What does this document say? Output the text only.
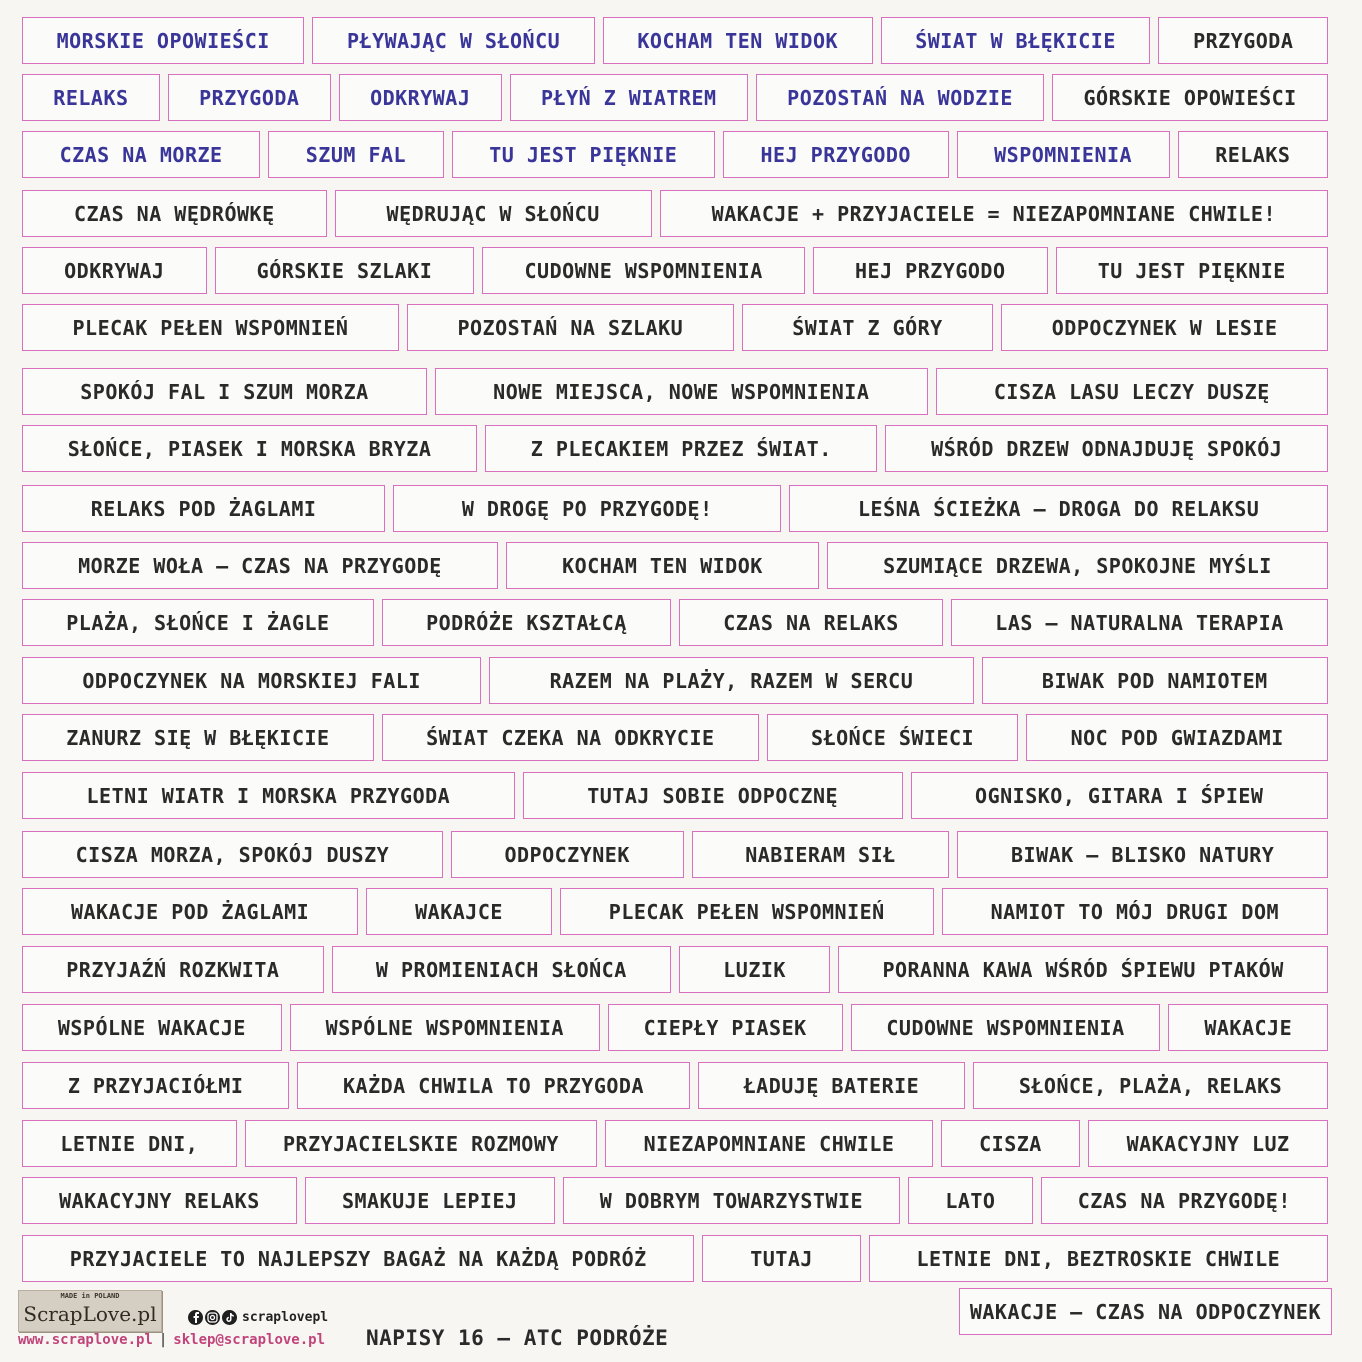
MORSKIE OPOWIEŚCI	PŁYWAJĄC W SŁOŃCU	KOCHAM TEN WIDOK	ŚWIAT W BŁĘKICIE	PRZYGODA
RELAKS	PRZYGODA	ODKRYWAJ	PŁYŃ Z WIATREM	POZOSTAŃ NA WODZIE	GÓRSKIE OPOWIEŚCI
CZAS NA MORZE	SZUM FAL	TU JEST PIĘKNIE	HEJ PRZYGODO	WSPOMNIENIA	RELAKS
CZAS NA WĘDRÓWKĘ	WĘDRUJĄC W SŁOŃCU	WAKACJE + PRZYJACIELE = NIEZAPOMNIANE CHWILE!
ODKRYWAJ	GÓRSKIE SZLAKI	CUDOWNE WSPOMNIENIA	HEJ PRZYGODO	TU JEST PIĘKNIE
PLECAK PEŁEN WSPOMNIEŃ	POZOSTAŃ NA SZLAKU	ŚWIAT Z GÓRY	ODPOCZYNEK W LESIE
SPOKÓJ FAL I SZUM MORZA	NOWE MIEJSCA, NOWE WSPOMNIENIA	CISZA LASU LECZY DUSZĘ
SŁOŃCE, PIASEK I MORSKA BRYZA	Z PLECAKIEM PRZEZ ŚWIAT.	WŚRÓD DRZEW ODNAJDUJĘ SPOKÓJ
RELAKS POD ŻAGLAMI	W DROGĘ PO PRZYGODĘ!	LEŚNA ŚCIEŻKA – DROGA DO RELAKSU
MORZE WOŁA – CZAS NA PRZYGODĘ	KOCHAM TEN WIDOK	SZUMIĄCE DRZEWA, SPOKOJNE MYŚLI
PLAŻA, SŁOŃCE I ŻAGLE	PODRÓŻE KSZTAŁCĄ	CZAS NA RELAKS	LAS – NATURALNA TERAPIA
ODPOCZYNEK NA MORSKIEJ FALI	RAZEM NA PLAŻY, RAZEM W SERCU	BIWAK POD NAMIOTEM
ZANURZ SIĘ W BŁĘKICIE	ŚWIAT CZEKA NA ODKRYCIE	SŁOŃCE ŚWIECI	NOC POD GWIAZDAMI
LETNI WIATR I MORSKA PRZYGODA	TUTAJ SOBIE ODPOCZNĘ	OGNISKO, GITARA I ŚPIEW
CISZA MORZA, SPOKÓJ DUSZY	ODPOCZYNEK	NABIERAM SIŁ	BIWAK – BLISKO NATURY
WAKACJE POD ŻAGLAMI	WAKAJCE	PLECAK PEŁEN WSPOMNIEŃ	NAMIOT TO MÓJ DRUGI DOM
PRZYJAŹŃ ROZKWITA	W PROMIENIACH SŁOŃCA	LUZIK	PORANNA KAWA WŚRÓD ŚPIEWU PTAKÓW
WSPÓLNE WAKACJE	WSPÓLNE WSPOMNIENIA	CIEPŁY PIASEK	CUDOWNE WSPOMNIENIA	WAKACJE
Z PRZYJACIÓŁMI	KAŻDA CHWILA TO PRZYGODA	ŁADUJĘ BATERIE	SŁOŃCE, PLAŻA, RELAKS
LETNIE DNI,	PRZYJACIELSKIE ROZMOWY	NIEZAPOMNIANE CHWILE	CISZA	WAKACYJNY LUZ
WAKACYJNY RELAKS	SMAKUJE LEPIEJ	W DOBRYM TOWARZYSTWIE	LATO	CZAS NA PRZYGODĘ!
PRZYJACIELE TO NAJLEPSZY BAGAŻ NA KAŻDĄ PODRÓŻ	TUTAJ	LETNIE DNI, BEZTROSKIE CHWILE
WAKACJE – CZAS NA ODPOCZYNEK
MADE in POLAND
ScrapLove.pl	scraplovepl
www.scraplove.pl | sklep@scraplove.pl NAPISY 16 – ATC PODRÓŻE
